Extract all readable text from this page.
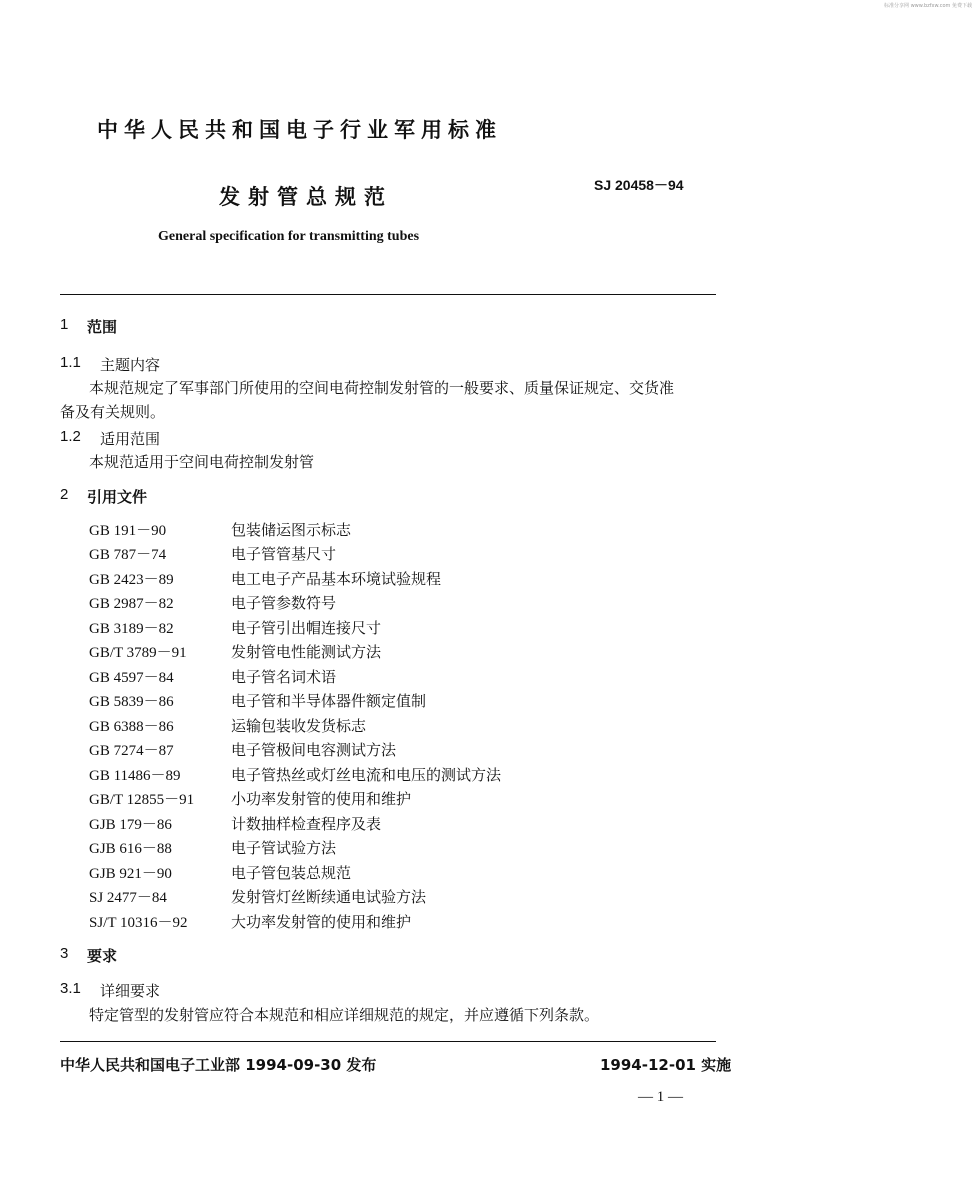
标准分享网 www.bzfxw.com 免费下载
中华人民共和国电子行业军用标准
SJ 20458－94
发射管总规范
General specification for transmitting tubes
1 范围
1.1 主题内容
本规范规定了军事部门所使用的空间电荷控制发射管的一般要求、质量保证规定、交货准
备及有关规则。
1.2 适用范围
本规范适用于空间电荷控制发射管
2 引用文件
GB 191－90	包装储运图示标志
GB 787－74	电子管管基尺寸
GB 2423－89	电工电子产品基本环境试验规程
GB 2987－82	电子管参数符号
GB 3189－82	电子管引出帽连接尺寸
GB/T 3789－91	发射管电性能测试方法
GB 4597－84	电子管名词术语
GB 5839－86	电子管和半导体器件额定值制
GB 6388－86	运输包装收发货标志
GB 7274－87	电子管极间电容测试方法
GB 11486－89	电子管热丝或灯丝电流和电压的测试方法
GB/T 12855－91 小功率发射管的使用和维护
GJB 179－86	计数抽样检查程序及表
GJB 616－88	电子管试验方法
GJB 921－90	电子管包装总规范
SJ 2477－84	发射管灯丝断续通电试验方法
SJ/T 10316－92	大功率发射管的使用和维护
3 要求
3.1 详细要求
特定管型的发射管应符合本规范和相应详细规范的规定，并应遵循下列条款。
中华人民共和国电子工业部 1994-09-30 发布	1994-12-01 实施
— 1 —
